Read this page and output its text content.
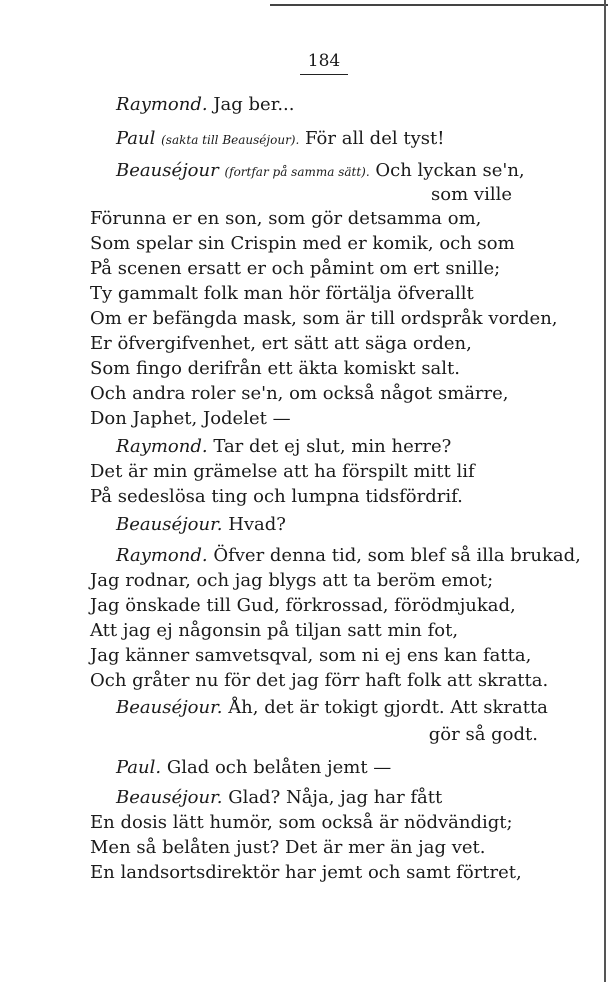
184
Raymond. Jag ber...
Paul (sakta till Beauséjour). För all del tyst!
Beauséjour (fortfar på samma sätt). Och lyckan se'n,
som ville
Förunna er en son, som gör detsamma om,
Som spelar sin Crispin med er komik, och som
På scenen ersatt er och påmint om ert snille;
Ty gammalt folk man hör förtälja öfverallt
Om er befängda mask, som är till ordspråk vorden,
Er öfvergifvenhet, ert sätt att säga orden,
Som fingo derifrån ett äkta komiskt salt.
Och andra roler se'n, om också något smärre,
Don Japhet, Jodelet —
Raymond. Tar det ej slut, min herre?
Det är min grämelse att ha förspilt mitt lif
På sedeslösa ting och lumpna tidsfördrif.
Beauséjour. Hvad?
Raymond. Öfver denna tid, som blef så illa brukad,
Jag rodnar, och jag blygs att ta beröm emot;
Jag önskade till Gud, förkrossad, förödmjukad,
Att jag ej någonsin på tiljan satt min fot,
Jag känner samvetsqval, som ni ej ens kan fatta,
Och gråter nu för det jag förr haft folk att skratta.
Beauséjour. Åh, det är tokigt gjordt. Att skratta
gör så godt.
Paul. Glad och belåten jemt —
Beauséjour. Glad? Nåja, jag har fått
En dosis lätt humör, som också är nödvändigt;
Men så belåten just? Det är mer än jag vet.
En landsortsdirektör har jemt och samt förtret,
